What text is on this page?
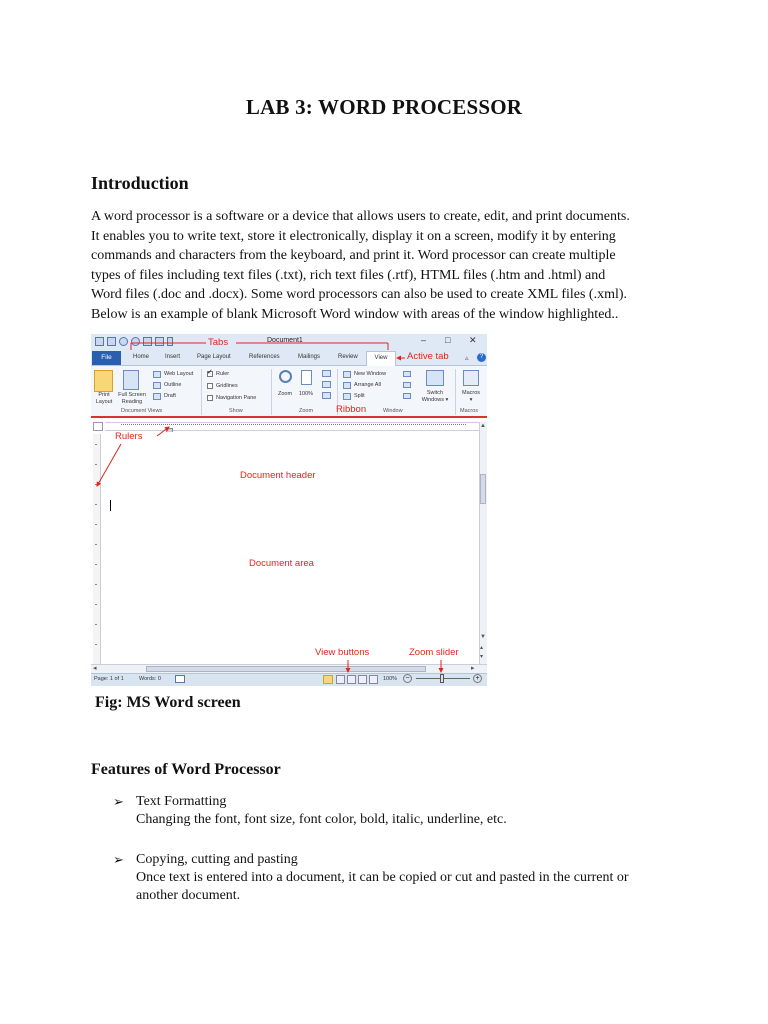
LAB 3: WORD PROCESSOR
Introduction
A word processor is a software or a device that allows users to create, edit, and print documents.
It enables you to write text, store it electronically, display it on a screen, modify it by entering
commands and characters from the keyboard, and print it. Word processor can create multiple
types of files including text files (.txt), rich text files (.rtf), HTML files (.htm and .html) and
Word files (.doc and .docx). Some word processors can also be used to create XML files (.xml).
Below is an example of blank Microsoft Word window with areas of the window highlighted..
Document1	– □ ✕
File	Home	Insert	Page Layout	References	Mailings	Review	View	▵	?
Print
Layout
Full Screen
Reading
Web Layout
Outline
Draft
Document Views
✓ Ruler
Gridlines
Navigation Pane
Show
Zoom 100%
Zoom
New Window
Arrange All
Split	Switch
Windows ▾
Window
Macros
▾
Macros
▲
▼
▴
▾
◂	▸
Page: 1 of 1	Words: 0	100%	−	+
Tabs
Active tab
Ribbon
Rulers
Document header
Document area
View buttons	Zoom slider
Fig: MS Word screen
Features of Word Processor
➢ Text Formatting
Changing the font, font size, font color, bold, italic, underline, etc.
➢ Copying, cutting and pasting
Once text is entered into a document, it can be copied or cut and pasted in the current or
another document.
